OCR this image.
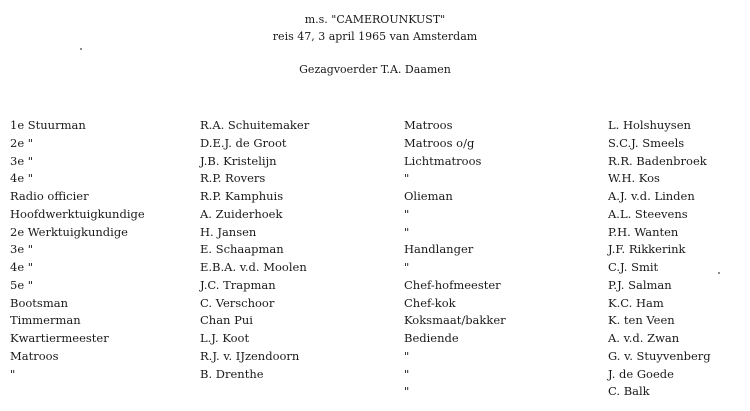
m.s. "CAMEROUNKUST"
reis 47, 3 april 1965 van Amsterdam
Gezagvoerder T.A. Daamen
1e Stuurman
2e "
3e "
4e "
Radio officier
Hoofdwerktuigkundige
2e Werktuigkundige
3e "
4e "
5e "
Bootsman
Timmerman
Kwartiermeester
Matroos
"
R.A. Schuitemaker
D.E.J. de Groot
J.B. Kristelijn
R.P. Rovers
R.P. Kamphuis
A. Zuiderhoek
H. Jansen
E. Schaapman
E.B.A. v.d. Moolen
J.C. Trapman
C. Verschoor
Chan Pui
L.J. Koot
R.J. v. IJzendoorn
B. Drenthe
Matroos
Matroos o/g
Lichtmatroos
"
Olieman
"
"
Handlanger
"
Chef-hofmeester
Chef-kok
Koksmaat/bakker
Bediende
"
"
"
L. Holshuysen
S.C.J. Smeels
R.R. Badenbroek
W.H. Kos
A.J. v.d. Linden
A.L. Steevens
P.H. Wanten
J.F. Rikkerink
C.J. Smit
P.J. Salman
K.C. Ham
K. ten Veen
A. v.d. Zwan
G. v. Stuyvenberg
J. de Goede
C. Balk
